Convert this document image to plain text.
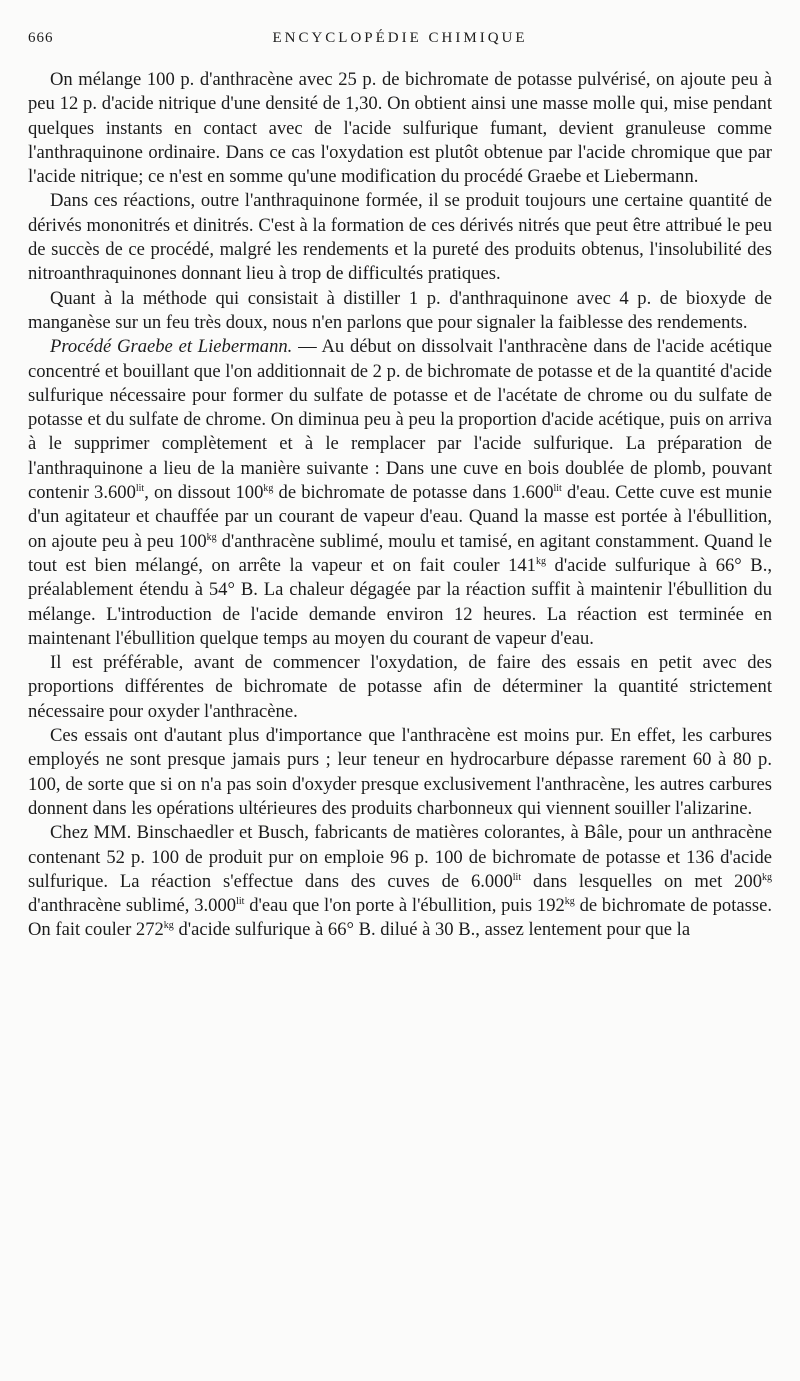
666	ENCYCLOPÉDIE CHIMIQUE

On mélange 100 p. d'anthracène avec 25 p. de bichromate de potasse pulvérisé, on ajoute peu à peu 12 p. d'acide nitrique d'une densité de 1,30. On obtient ainsi une masse molle qui, mise pendant quelques instants en contact avec de l'acide sulfurique fumant, devient granuleuse comme l'anthraquinone ordinaire. Dans ce cas l'oxydation est plutôt obtenue par l'acide chromique que par l'acide nitrique; ce n'est en somme qu'une modification du procédé Graebe et Liebermann.

Dans ces réactions, outre l'anthraquinone formée, il se produit toujours une certaine quantité de dérivés mononitrés et dinitrés. C'est à la formation de ces dérivés nitrés que peut être attribué le peu de succès de ce procédé, malgré les rendements et la pureté des produits obtenus, l'insolubilité des nitroanthraquinones donnant lieu à trop de difficultés pratiques.

Quant à la méthode qui consistait à distiller 1 p. d'anthraquinone avec 4 p. de bioxyde de manganèse sur un feu très doux, nous n'en parlons que pour signaler la faiblesse des rendements.

Procédé Graebe et Liebermann. — Au début on dissolvait l'anthracène dans de l'acide acétique concentré et bouillant que l'on additionnait de 2 p. de bichromate de potasse et de la quantité d'acide sulfurique nécessaire pour former du sulfate de potasse et de l'acétate de chrome ou du sulfate de potasse et du sulfate de chrome. On diminua peu à peu la proportion d'acide acétique, puis on arriva à le supprimer complètement et à le remplacer par l'acide sulfurique. La préparation de l'anthraquinone a lieu de la manière suivante : Dans une cuve en bois doublée de plomb, pouvant contenir $3.600^{lit}$, on dissout $100^{kg}$ de bichromate de potasse dans $1.600^{lit}$ d'eau. Cette cuve est munie d'un agitateur et chauffée par un courant de vapeur d'eau. Quand la masse est portée à l'ébullition, on ajoute peu à peu $100^{kg}$ d'anthracène sublimé, moulu et tamisé, en agitant constamment. Quand le tout est bien mélangé, on arrête la vapeur et on fait couler $141^{kg}$ d'acide sulfurique à 66° B., préalablement étendu à 54° B. La chaleur dégagée par la réaction suffit à maintenir l'ébullition du mélange. L'introduction de l'acide demande environ 12 heures. La réaction est terminée en maintenant l'ébullition quelque temps au moyen du courant de vapeur d'eau.

Il est préférable, avant de commencer l'oxydation, de faire des essais en petit avec des proportions différentes de bichromate de potasse afin de déterminer la quantité strictement nécessaire pour oxyder l'anthracène.

Ces essais ont d'autant plus d'importance que l'anthracène est moins pur. En effet, les carbures employés ne sont presque jamais purs ; leur teneur en hydrocarbure dépasse rarement 60 à 80 p. 100, de sorte que si on n'a pas soin d'oxyder presque exclusivement l'anthracène, les autres carbures donnent dans les opérations ultérieures des produits charbonneux qui viennent souiller l'alizarine.

Chez MM. Binschaedler et Busch, fabricants de matières colorantes, à Bâle, pour un anthracène contenant 52 p. 100 de produit pur on emploie 96 p. 100 de bichromate de potasse et 136 d'acide sulfurique. La réaction s'effectue dans des cuves de $6.000^{lit}$ dans lesquelles on met $200^{kg}$ d'anthracène sublimé, $3.000^{lit}$ d'eau que l'on porte à l'ébullition, puis $192^{kg}$ de bichromate de potasse. On fait couler $272^{kg}$ d'acide sulfurique à 66° B. dilué à 30 B., assez lentement pour que la
